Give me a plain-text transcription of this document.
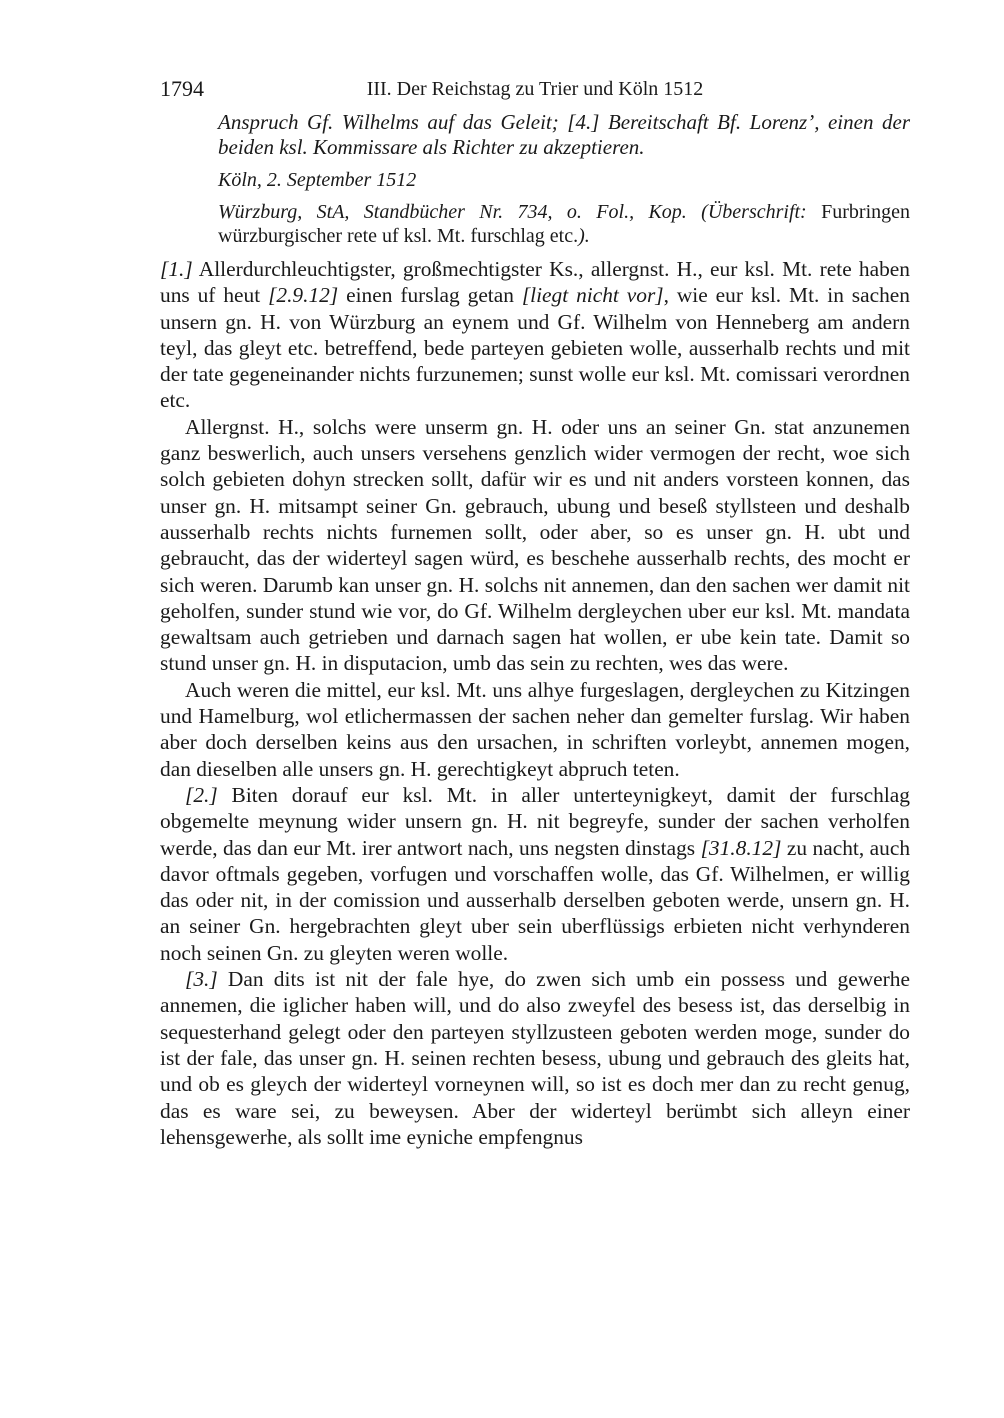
1794	III. Der Reichstag zu Trier und Köln 1512

Anspruch Gf. Wilhelms auf das Geleit; [4.] Bereitschaft Bf. Lorenz’, einen der beiden ksl. Kommissare als Richter zu akzeptieren.

Köln, 2. September 1512

Würzburg, StA, Standbücher Nr. 734, o. Fol., Kop. (Überschrift: Furbringen würzburgischer rete uf ksl. Mt. furschlag etc.).

[1.] Allerdurchleuchtigster, großmechtigster Ks., allergnst. H., eur ksl. Mt. rete haben uns uf heut [2.9.12] einen furslag getan [liegt nicht vor], wie eur ksl. Mt. in sachen unsern gn. H. von Würzburg an eynem und Gf. Wilhelm von Henneberg am andern teyl, das gleyt etc. betreffend, bede parteyen gebieten wolle, ausserhalb rechts und mit der tate gegeneinander nichts furzunemen; sunst wolle eur ksl. Mt. comissari verordnen etc.

Allergnst. H., solchs were unserm gn. H. oder uns an seiner Gn. stat anzunemen ganz beswerlich, auch unsers versehens genzlich wider vermogen der recht, woe sich solch gebieten dohyn strecken sollt, dafür wir es und nit anders vorsteen konnen, das unser gn. H. mitsampt seiner Gn. gebrauch, ubung und beseß styllsteen und deshalb ausserhalb rechts nichts furnemen sollt, oder aber, so es unser gn. H. ubt und gebraucht, das der widerteyl sagen würd, es beschehe ausserhalb rechts, des mocht er sich weren. Darumb kan unser gn. H. solchs nit annemen, dan den sachen wer damit nit geholfen, sunder stund wie vor, do Gf. Wilhelm dergleychen uber eur ksl. Mt. mandata gewaltsam auch getrieben und darnach sagen hat wollen, er ube kein tate. Damit so stund unser gn. H. in disputacion, umb das sein zu rechten, wes das were.

Auch weren die mittel, eur ksl. Mt. uns alhye furgeslagen, dergleychen zu Kitzingen und Hamelburg, wol etlichermassen der sachen neher dan gemelter furslag. Wir haben aber doch derselben keins aus den ursachen, in schriften vorleybt, annemen mogen, dan dieselben alle unsers gn. H. gerechtigkeyt abpruch teten.

[2.] Biten dorauf eur ksl. Mt. in aller unterteynigkeyt, damit der furschlag obgemelte meynung wider unsern gn. H. nit begreyfe, sunder der sachen verholfen werde, das dan eur Mt. irer antwort nach, uns negsten dinstags [31.8.12] zu nacht, auch davor oftmals gegeben, vorfugen und vorschaffen wolle, das Gf. Wilhelmen, er willig das oder nit, in der comission und ausserhalb derselben geboten werde, unsern gn. H. an seiner Gn. hergebrachten gleyt uber sein uberflüssigs erbieten nicht verhynderen noch seinen Gn. zu gleyten weren wolle.

[3.] Dan dits ist nit der fale hye, do zwen sich umb ein possess und gewerhe annemen, die iglicher haben will, und do also zweyfel des besess ist, das derselbig in sequesterhand gelegt oder den parteyen styllzusteen geboten werden moge, sunder do ist der fale, das unser gn. H. seinen rechten besess, ubung und gebrauch des gleits hat, und ob es gleych der widerteyl vorneynen will, so ist es doch mer dan zu recht genug, das es ware sei, zu beweysen. Aber der widerteyl berümbt sich alleyn einer lehensgewerhe, als sollt ime eyniche empfengnus
